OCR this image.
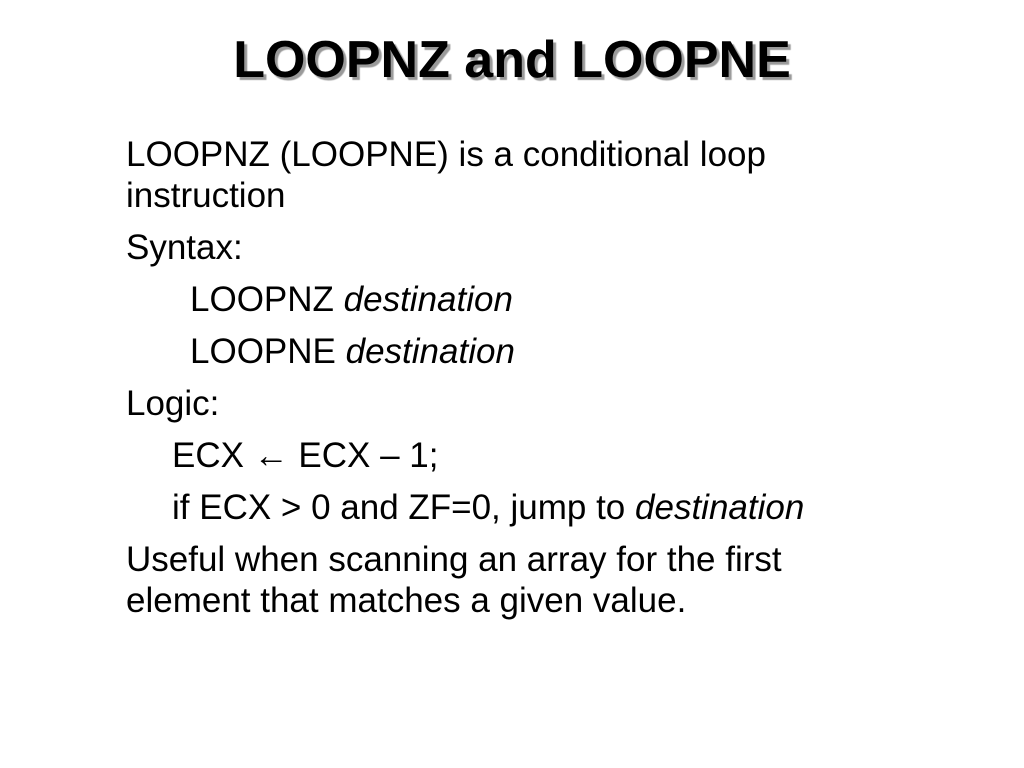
LOOPNZ and LOOPNE

LOOPNZ (LOOPNE) is a conditional loop

instruction

Syntax:

LOOPNZ destination

LOOPNE destination

Logic:

ECX ← ECX – 1;

if ECX > 0 and ZF=0, jump to destination

Useful when scanning an array for the first

element that matches a given value.
